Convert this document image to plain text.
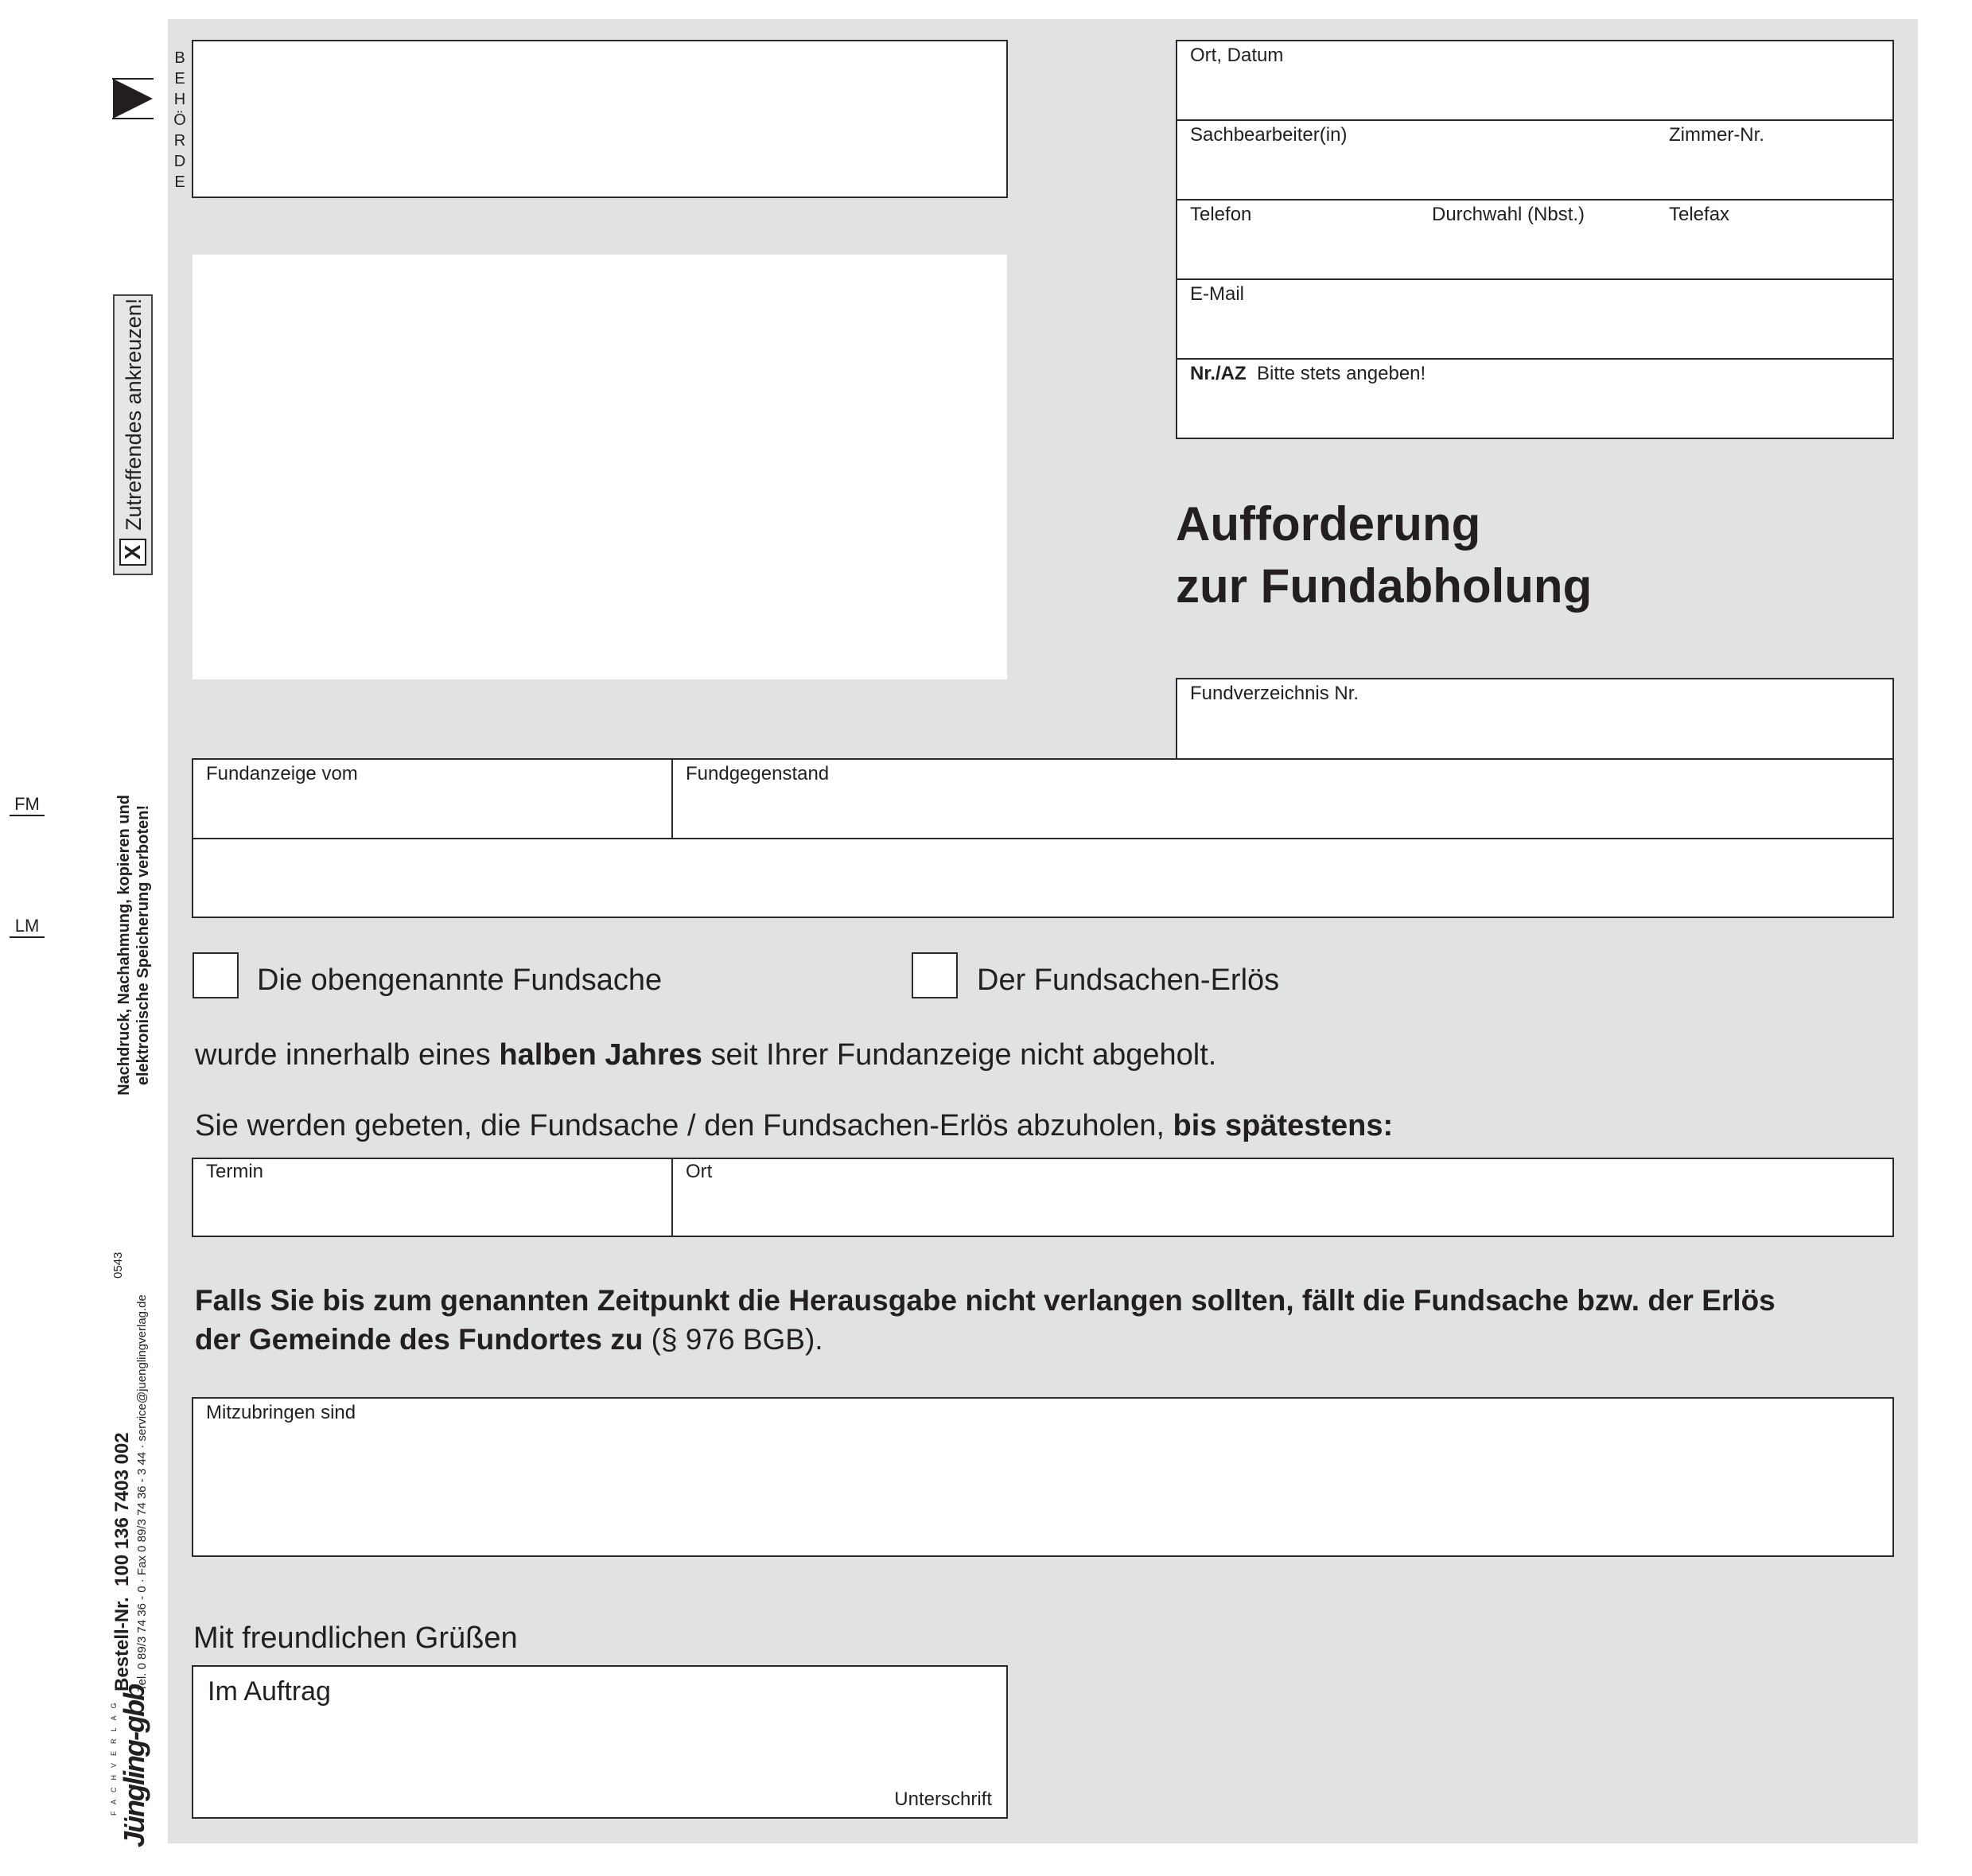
B
E
H
Ö
R
D
E
X
Zutreffendes ankreuzen!
FM
LM	Nachdruck, Nachahmung, kopieren und elektronische Speicherung verboten!
FACHVERLAG Jüngling-gbb
Bestell-Nr.  100 136 7403 002 Tel. 0 89/3 74 36 - 0 · Fax 0 89/3 74 36 - 3 44 · service@juenglingverlag.de
0543
Ort, Datum
Sachbearbeiter(in)	Zimmer-Nr.
Telefon	Durchwahl (Nbst.)	Telefax
E-Mail
Nr./AZ Bitte stets angeben!
Aufforderung
zur Fundabholung
Fundverzeichnis Nr.
Fundanzeige vom	Fundgegenstand
Die obengenannte Fundsache	Der Fundsachen-Erlös
wurde innerhalb eines halben Jahres seit Ihrer Fundanzeige nicht abgeholt.
Sie werden gebeten, die Fundsache / den Fundsachen-Erlös abzuholen, bis spätestens:
Termin	Ort
Falls Sie bis zum genannten Zeitpunkt die Herausgabe nicht verlangen sollten, fällt die Fundsache bzw. der Erlös
der Gemeinde des Fundortes zu (§ 976 BGB).
Mitzubringen sind
Mit freundlichen Grüßen
Im Auftrag
Unterschrift
